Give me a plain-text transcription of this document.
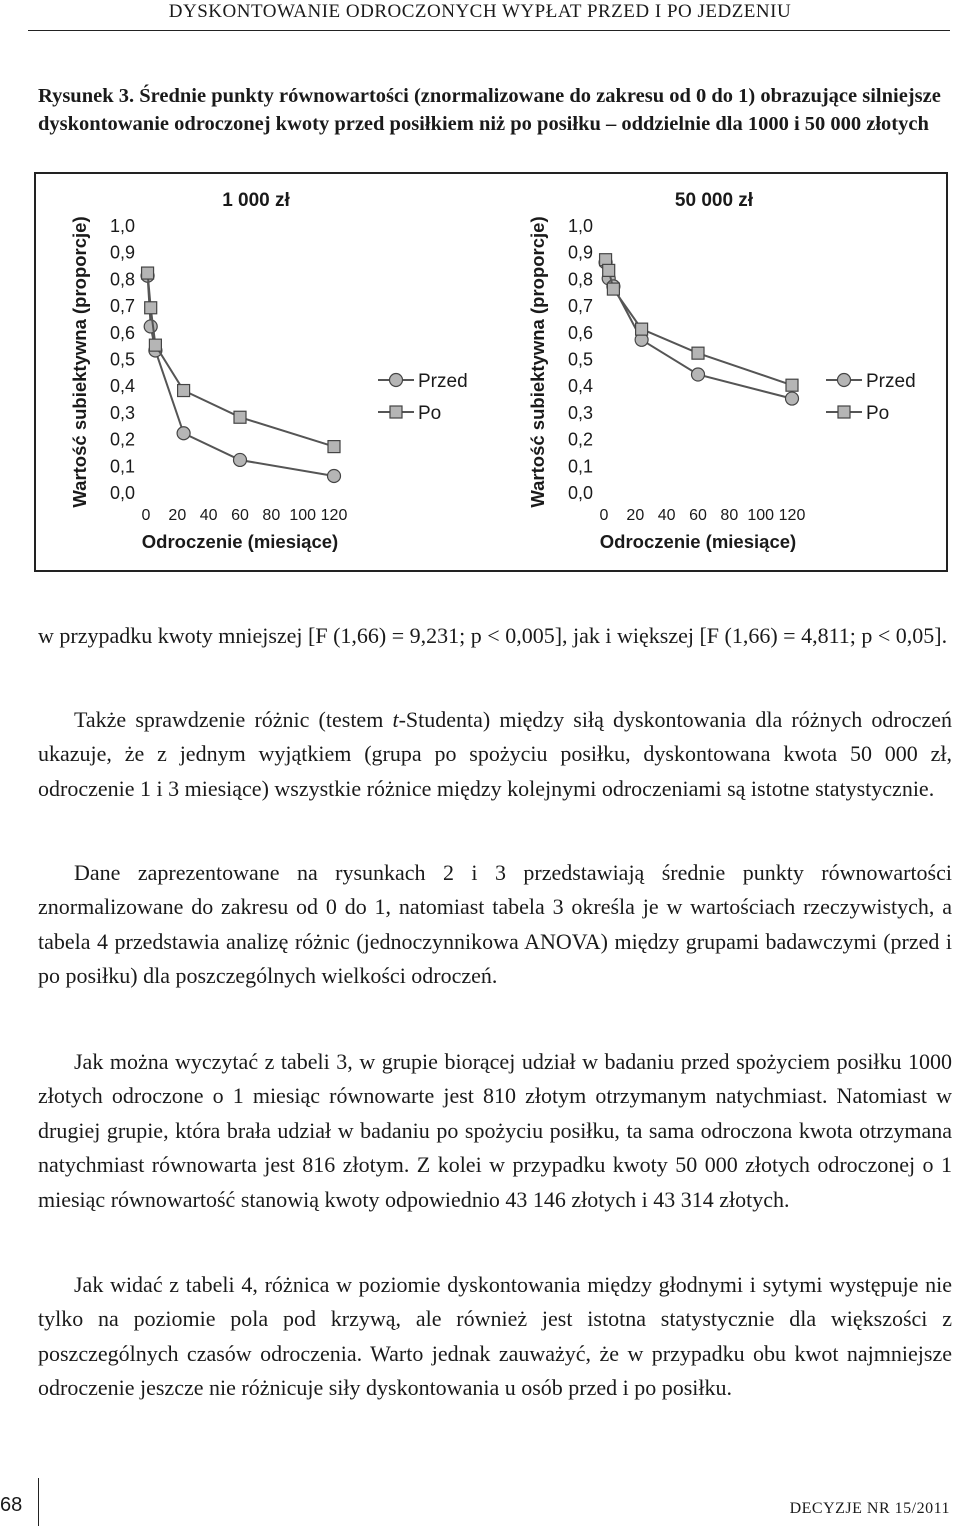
DYSKONTOWANIE ODROCZONYCH WYPŁAT PRZED I PO JEDZENIU
Rysunek 3. Średnie punkty równowartości (znormalizowane do zakresu od 0 do 1) obrazujące silniejsze dyskontowanie odroczonej kwoty przed posiłkiem niż po posiłku – oddzielnie dla 1000 i 50 000 złotych
1 000 zł
Wartość subiektywna (proporcje) 0,0
0,1
0,2
0,3
0,4
0,5
0,6
0,7
0,8
0,9
1,0
0 20 40 60 80 100 120
Odroczenie (miesiące)
Przed
Po
50 000 zł
Wartość subiektywna (proporcje) 0,0
0,1
0,2
0,3
0,4
0,5
0,6
0,7
0,8
0,9
1,0
0 20 40 60 80 100 120
Odroczenie (miesiące)
Przed
Po

w przypadku kwoty mniejszej [F (1,66) = 9,231; p < 0,005], jak i większej [F (1,66) = 4,811; p < 0,05].

Także sprawdzenie różnic (testem t-Studenta) między siłą dyskontowania dla różnych odroczeń ukazuje, że z jednym wyjątkiem (grupa po spożyciu posiłku, dyskontowana kwota 50 000 zł, odroczenie 1 i 3 miesiące) wszystkie różnice między kolejnymi odroczeniami są istotne statystycznie.

Dane zaprezentowane na rysunkach 2 i 3 przedstawiają średnie punkty równowartości znormalizowane do zakresu od 0 do 1, natomiast tabela 3 określa je w wartościach rzeczywistych, a tabela 4 przedstawia analizę różnic (jednoczynnikowa ANOVA) między grupami badawczymi (przed i po posiłku) dla poszczególnych wielkości odroczeń.

Jak można wyczytać z tabeli 3, w grupie biorącej udział w badaniu przed spożyciem posiłku 1000 złotych odroczone o 1 miesiąc równowarte jest 810 złotym otrzymanym natychmiast. Natomiast w drugiej grupie, która brała udział w badaniu po spożyciu posiłku, ta sama odroczona kwota otrzymana natychmiast równowarta jest 816 złotym. Z kolei w przypadku kwoty 50 000 złotych odroczonej o 1 miesiąc równowartość stanowią kwoty odpowiednio 43 146 złotych i 43 314 złotych.

Jak widać z tabeli 4, różnica w poziomie dyskontowania między głodnymi i sytymi występuje nie tylko na poziomie pola pod krzywą, ale również jest istotna statystycznie dla większości z poszczególnych czasów odroczenia. Warto jednak zauważyć, że w przypadku obu kwot najmniejsze odroczenie jeszcze nie różnicuje siły dyskontowania u osób przed i po posiłku.

68	DECYZJE NR 15/2011
